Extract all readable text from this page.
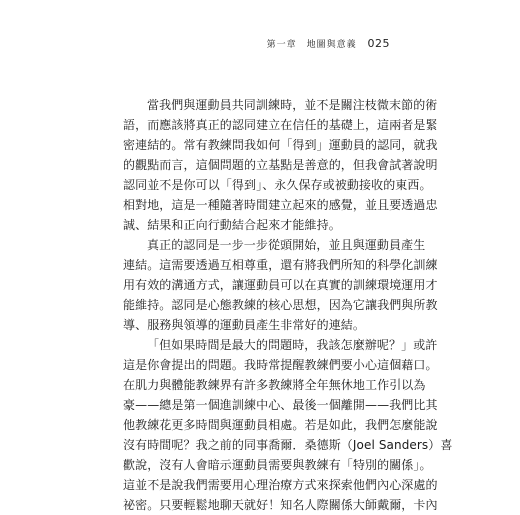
第一章　地圖與意義 025

當我們與運動員共同訓練時，並不是關注枝微末節的術
語，而應該將真正的認同建立在信任的基礎上，這兩者是緊
密連結的。常有教練問我如何「得到」運動員的認同，就我
的觀點而言，這個問題的立基點是善意的，但我會試著說明
認同並不是你可以「得到」、永久保存或被動接收的東西。
相對地，這是一種隨著時間建立起來的感覺，並且要透過忠
誠、結果和正向行動結合起來才能維持。

真正的認同是一步一步從頭開始，並且與運動員產生
連結。這需要透過互相尊重，還有將我們所知的科學化訓練
用有效的溝通方式，讓運動員可以在真實的訓練環境運用才
能維持。認同是心態教練的核心思想，因為它讓我們與所教
導、服務與領導的運動員產生非常好的連結。

「但如果時間是最大的問題時，我該怎麼辦呢？」或許
這是你會提出的問題。我時常提醒教練們要小心這個藉口。
在肌力與體能教練界有許多教練將全年無休地工作引以為
豪——總是第一個進訓練中心、最後一個離開——我們比其
他教練花更多時間與運動員相處。若是如此，我們怎麼能說
沒有時間呢？我之前的同事喬爾．桑德斯（Joel Sanders）喜
歡說，沒有人會暗示運動員需要與教練有「特別的關係」。
這並不是說我們需要用心理治療方式來探索他們內心深處的
祕密。只要輕鬆地聊天就好！知名人際關係大師戴爾，卡內
